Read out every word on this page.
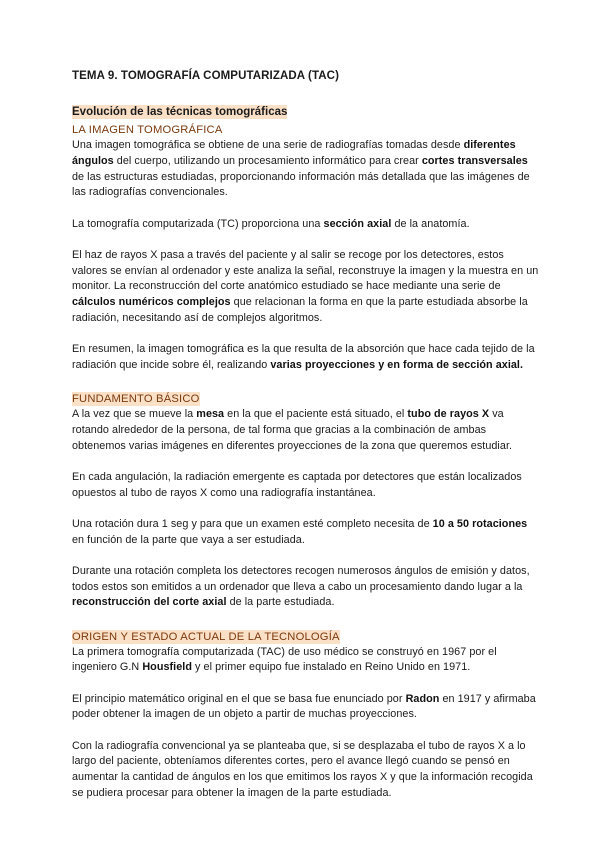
TEMA 9. TOMOGRAFÍA COMPUTARIZADA (TAC)
Evolución de las técnicas tomográficas
LA IMAGEN TOMOGRÁFICA

Una imagen tomográfica se obtiene de una serie de radiografías tomadas desde diferentes ángulos del cuerpo, utilizando un procesamiento informático para crear cortes transversales de las estructuras estudiadas, proporcionando información más detallada que las imágenes de las radiografías convencionales.

La tomografía computarizada (TC) proporciona una sección axial de la anatomía.

El haz de rayos X pasa a través del paciente y al salir se recoge por los detectores, estos valores se envían al ordenador y este analiza la señal, reconstruye la imagen y la muestra en un monitor. La reconstrucción del corte anatómico estudiado se hace mediante una serie de cálculos numéricos complejos que relacionan la forma en que la parte estudiada absorbe la radiación, necesitando así de complejos algoritmos.

En resumen, la imagen tomográfica es la que resulta de la absorción que hace cada tejido de la radiación que incide sobre él, realizando varias proyecciones y en forma de sección axial.

FUNDAMENTO BÁSICO

A la vez que se mueve la mesa en la que el paciente está situado, el tubo de rayos X va rotando alrededor de la persona, de tal forma que gracias a la combinación de ambas obtenemos varias imágenes en diferentes proyecciones de la zona que queremos estudiar.

En cada angulación, la radiación emergente es captada por detectores que están localizados opuestos al tubo de rayos X como una radiografía instantánea.

Una rotación dura 1 seg y para que un examen esté completo necesita de 10 a 50 rotaciones en función de la parte que vaya a ser estudiada.

Durante una rotación completa los detectores recogen numerosos ángulos de emisión y datos, todos estos son emitidos a un ordenador que lleva a cabo un procesamiento dando lugar a la reconstrucción del corte axial de la parte estudiada.

ORIGEN Y ESTADO ACTUAL DE LA TECNOLOGÍA

La primera tomografía computarizada (TAC) de uso médico se construyó en 1967 por el ingeniero G.N Housfield y el primer equipo fue instalado en Reino Unido en 1971.

El principio matemático original en el que se basa fue enunciado por Radon en 1917 y afirmaba poder obtener la imagen de un objeto a partir de muchas proyecciones.

Con la radiografía convencional ya se planteaba que, si se desplazaba el tubo de rayos X a lo largo del paciente, obteníamos diferentes cortes, pero el avance llegó cuando se pensó en aumentar la cantidad de ángulos en los que emitimos los rayos X y que la información recogida se pudiera procesar para obtener la imagen de la parte estudiada.
